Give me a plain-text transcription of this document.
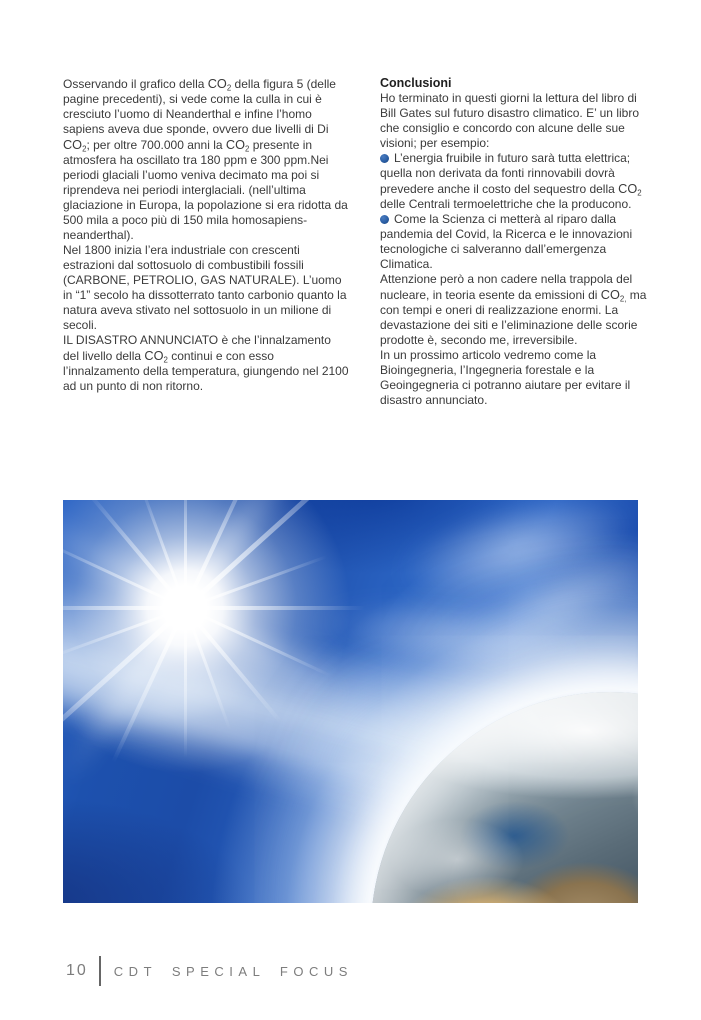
Osservando il grafico della $CO_2$ della figura 5 (delle pagine precedenti), si vede come la culla in cui è cresciuto l’uomo di Neanderthal e infine l’homo sapiens aveva due sponde, ovvero due livelli di Di $CO_2$; per oltre 700.000 anni la $CO_2$ presente in atmosfera ha oscillato tra 180 ppm e 300 ppm.Nei periodi glaciali l’uomo veniva decimato ma poi si riprendeva nei periodi interglaciali. (nell’ultima glaciazione in Europa, la popolazione si era ridotta da 500 mila a poco più di 150 mila homosapiens-neanderthal).

Nel 1800 inizia l’era industriale con crescenti estrazioni dal sottosuolo di combustibili fossili (CARBONE, PETROLIO, GAS NATURALE). L’uomo in “1” secolo ha dissotterrato tanto carbonio quanto la natura aveva stivato nel sottosuolo in un milione di secoli.

IL DISASTRO ANNUNCIATO è che l’innalzamento del livello della $CO_2$ continui e con esso l’innalzamento della temperatura, giungendo nel 2100 ad un punto di non ritorno.

Conclusioni

Ho terminato in questi giorni la lettura del libro di Bill Gates sul futuro disastro climatico. E’ un libro che consiglio e concordo con alcune delle sue visioni; per esempio:

L’energia fruibile in futuro sarà tutta elettrica; quella non derivata da fonti rinnovabili dovrà prevedere anche il costo del sequestro della $CO_2$ delle Centrali termoelettriche che la producono.

Come la Scienza ci metterà al riparo dalla pandemia del Covid, la Ricerca e le innovazioni tecnologiche ci salveranno dall’emergenza Climatica.

Attenzione però a non cadere nella trappola del nucleare, in teoria esente da emissioni di $CO_{2,}$ ma con tempi e oneri di realizzazione enormi. La devastazione dei siti e l’eliminazione delle scorie prodotte è, secondo me, irreversibile.

In un prossimo articolo vedremo come la Bioingegneria, l’Ingegneria forestale e la Geoingegneria ci potranno aiutare per evitare il disastro annunciato.

10 CDT SPECIAL FOCUS
